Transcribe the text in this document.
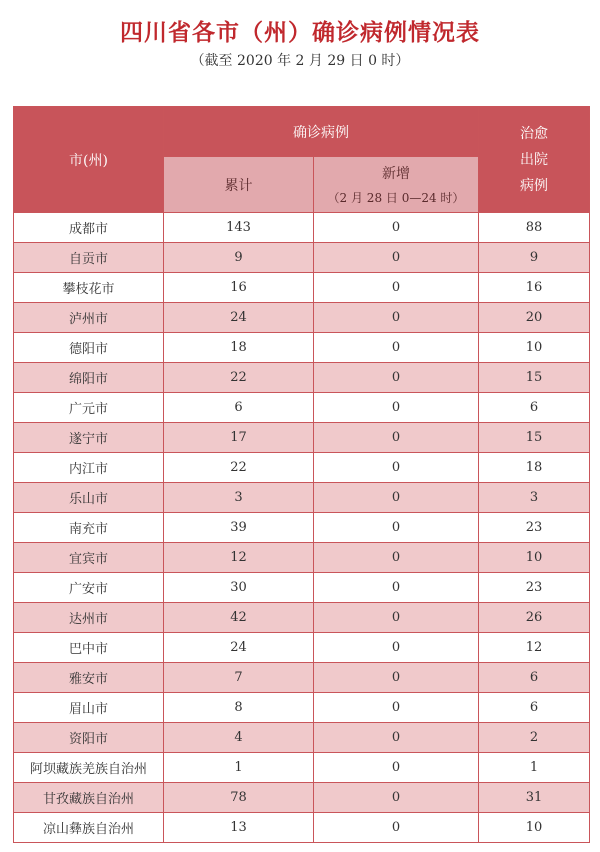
四川省各市（州）确诊病例情况表
（截至 2020 年 2 月 29 日 0 时）
市(州)	确诊病例		治愈
出院
病例

	累计	新增
（2 月 28 日 0—24 时）	

成都市	143	0	88
自贡市	9	0	9
攀枝花市	16	0	16
泸州市	24	0	20
德阳市	18	0	10
绵阳市	22	0	15
广元市	6	0	6
遂宁市	17	0	15
内江市	22	0	18
乐山市	3	0	3
南充市	39	0	23
宜宾市	12	0	10
广安市	30	0	23
达州市	42	0	26
巴中市	24	0	12
雅安市	7	0	6
眉山市	8	0	6
资阳市	4	0	2
阿坝藏族羌族自治州	1	0	1
甘孜藏族自治州	78	0	31
凉山彝族自治州	13	0	10
